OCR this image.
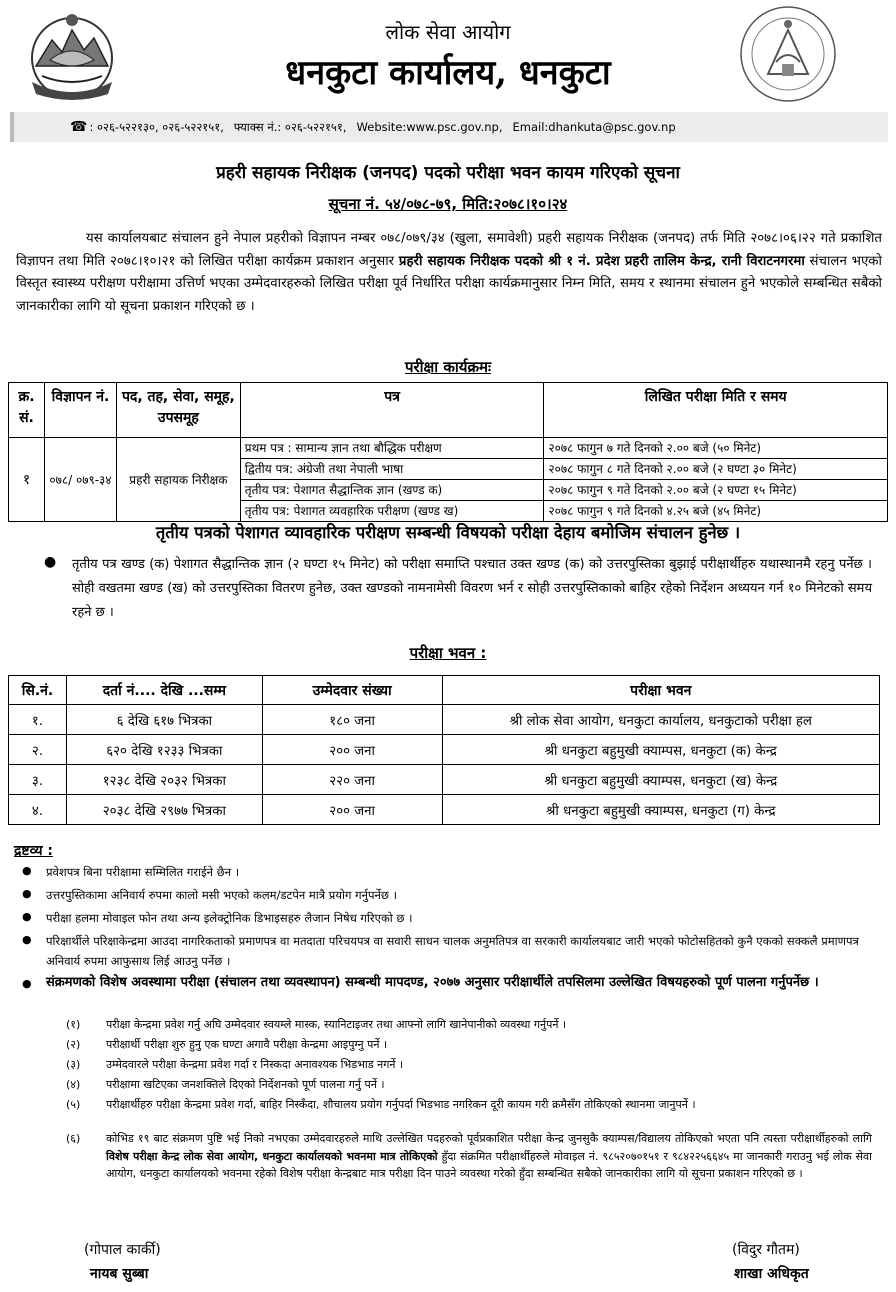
लोक सेवा आयोग
धनकुटा कार्यालय, धनकुटा
☎ : ०२६-५२२१३०, ०२६-५२२१५१, फ्याक्स नं.: ०२६-५२२१५१, Website:www.psc.gov.np, Email:dhankuta@psc.gov.np
प्रहरी सहायक निरीक्षक (जनपद) पदको परीक्षा भवन कायम गरिएको सूचना
सूचना नं. ५४/०७८-७९, मिति:२०७८।१०।२४
यस कार्यालयबाट संचालन हुने नेपाल प्रहरीको विज्ञापन नम्बर ०७८/०७९/३४ (खुला, समावेशी) प्रहरी सहायक निरीक्षक (जनपद) तर्फ मिति २०७८।०६।२२ गते प्रकाशित विज्ञापन तथा मिति २०७८।१०।२१ को लिखित परीक्षा कार्यक्रम प्रकाशन अनुसार प्रहरी सहायक निरीक्षक पदको श्री १ नं. प्रदेश प्रहरी तालिम केन्द्र, रानी विराटनगरमा संचालन भएको विस्तृत स्वास्थ्य परीक्षण परीक्षामा उत्तिर्ण भएका उम्मेदवारहरुको लिखित परीक्षा पूर्व निर्धारित परीक्षा कार्यक्रमानुसार निम्न मिति, समय र स्थानमा संचालन हुने भएकोले सम्बन्धित सबैको जानकारीका लागि यो सूचना प्रकाशन गरिएको छ ।
परीक्षा कार्यक्रमः
क्र. सं.	विज्ञापन नं.	पद, तह, सेवा, समूह, उपसमूह	पत्र	लिखित परीक्षा मिति र समय
१	०७८/ ०७९-३४	प्रहरी सहायक निरीक्षक	प्रथम पत्र : सामान्य ज्ञान तथा बौद्धिक परीक्षण	२०७८ फागुन ७ गते दिनको २.०० बजे (५० मिनेट)
			द्वितीय पत्र: अंग्रेजी तथा नेपाली भाषा	२०७८ फागुन ८ गते दिनको २.०० बजे (२ घण्टा ३० मिनेट)
			तृतीय पत्र: पेशागत सैद्धान्तिक ज्ञान (खण्ड क)	२०७८ फागुन ९ गते दिनको २.०० बजे (२ घण्टा १५ मिनेट)
			तृतीय पत्र: पेशागत व्यवहारिक परीक्षण (खण्ड ख)	२०७८ फागुन ९ गते दिनको ४.२५ बजे (४५ मिनेट)
तृतीय पत्रको पेशागत व्यावहारिक परीक्षण सम्बन्धी विषयको परीक्षा देहाय बमोजिम संचालन हुनेछ ।
● तृतीय पत्र खण्ड (क) पेशागत सैद्धान्तिक ज्ञान (२ घण्टा १५ मिनेट) को परीक्षा समाप्ति पश्चात उक्त खण्ड (क) को उत्तरपुस्तिका बुझाई परीक्षार्थीहरु यथास्थानमै रहनु पर्नेछ । सोही वखतमा खण्ड (ख) को उत्तरपुस्तिका वितरण हुनेछ, उक्त खण्डको नामनामेसी विवरण भर्न र सोही उत्तरपुस्तिकाको बाहिर रहेको निर्देशन अध्ययन गर्न १० मिनेटको समय रहने छ ।
परीक्षा भवन :
सि.नं.	दर्ता नं.... देखि ...सम्म	उम्मेदवार संख्या	परीक्षा भवन
१.	६ देखि ६१७ भित्रका	१८० जना	श्री लोक सेवा आयोग, धनकुटा कार्यालय, धनकुटाको परीक्षा हल
२.	६२० देखि १२३३ भित्रका	२०० जना	श्री धनकुटा बहुमुखी क्याम्पस, धनकुटा (क) केन्द्र
३.	१२३८ देखि २०३२ भित्रका	२२० जना	श्री धनकुटा बहुमुखी क्याम्पस, धनकुटा (ख) केन्द्र
४.	२०३८ देखि २९७७ भित्रका	२०० जना	श्री धनकुटा बहुमुखी क्याम्पस, धनकुटा (ग) केन्द्र
द्रष्टव्य :
● प्रवेशपत्र बिना परीक्षामा सम्मिलित गराईने छैन ।
● उत्तरपुस्तिकामा अनिवार्य रुपमा कालो मसी भएको कलम/डटपेन मात्रै प्रयोग गर्नुपर्नेछ ।
● परीक्षा हलमा मोवाइल फोन तथा अन्य इलेक्ट्रोनिक डिभाइसहरु लैजान निषेध गरिएको छ ।
● परिक्षार्थीले परिक्षाकेन्द्रमा आउदा नागरिकताको प्रमाणपत्र वा मतदाता परिचयपत्र वा सवारी साधन चालक अनुमतिपत्र वा सरकारी कार्यालयबाट जारी भएको फोटोसहितको कुनै एकको सक्कलै प्रमाणपत्र अनिवार्य रुपमा आफुसाथ लिई आउनु पर्नेछ ।
● संक्रमणको विशेष अवस्थामा परीक्षा (संचालन तथा व्यवस्थापन) सम्बन्धी मापदण्ड, २०७७ अनुसार परीक्षार्थीले तपसिलमा उल्लेखित विषयहरुको पूर्ण पालना गर्नुपर्नेछ ।
(१)	परीक्षा केन्द्रमा प्रवेश गर्नु अघि उम्मेदवार स्वयम्ले मास्क, स्यानिटाइजर तथा आफ्नो लागि खानेपानीको व्यवस्था गर्नुपर्ने ।
(२)	परीक्षार्थी परीक्षा शुरु हुनु एक घण्टा अगावै परीक्षा केन्द्रमा आइपुग्नु पर्ने ।
(३)	उम्मेदवारले परीक्षा केन्द्रमा प्रवेश गर्दा र निस्कदा अनावश्यक भिडभाड नगर्ने ।
(४)	परीक्षामा खटिएका जनशक्तिले दिएको निर्देशनको पूर्ण पालना गर्नु पर्ने ।
(५)	परीक्षार्थीहरु परीक्षा केन्द्रमा प्रवेश गर्दा, बाहिर निस्कँदा, शौचालय प्रयोग गर्नुपर्दा भिडभाड नगरिकन दूरी कायम गरी क्रमैसँग तोकिएको स्थानमा जानुपर्ने ।
(६)	कोभिड १९ बाट संक्रमण पुष्टि भई निको नभएका उम्मेदवारहरुले माथि उल्लेखित पदहरुको पूर्वप्रकाशित परीक्षा केन्द्र जुनसुकै क्याम्पस/विद्यालय तोकिएको भएता पनि त्यस्ता परीक्षार्थीहरुको लागि विशेष परीक्षा केन्द्र लोक सेवा आयोग, धनकुटा कार्यालयको भवनमा मात्र तोकिएको हुँदा संक्रमित परीक्षार्थीहरुले मोवाइल नं. ९८५२०७०१५१ र ९८४२२५६६४५ मा जानकारी गराउनु भई लोक सेवा आयोग, धनकुटा कार्यालयको भवनमा रहेको विशेष परीक्षा केन्द्रबाट मात्र परीक्षा दिन पाउने व्यवस्था गरेको हुँदा सम्बन्धित सबैको जानकारीका लागि यो सूचना प्रकाशन गरिएको छ ।
(गोपाल कार्की)
नायब सुब्बा
(विदुर गौतम)
शाखा अधिकृत
